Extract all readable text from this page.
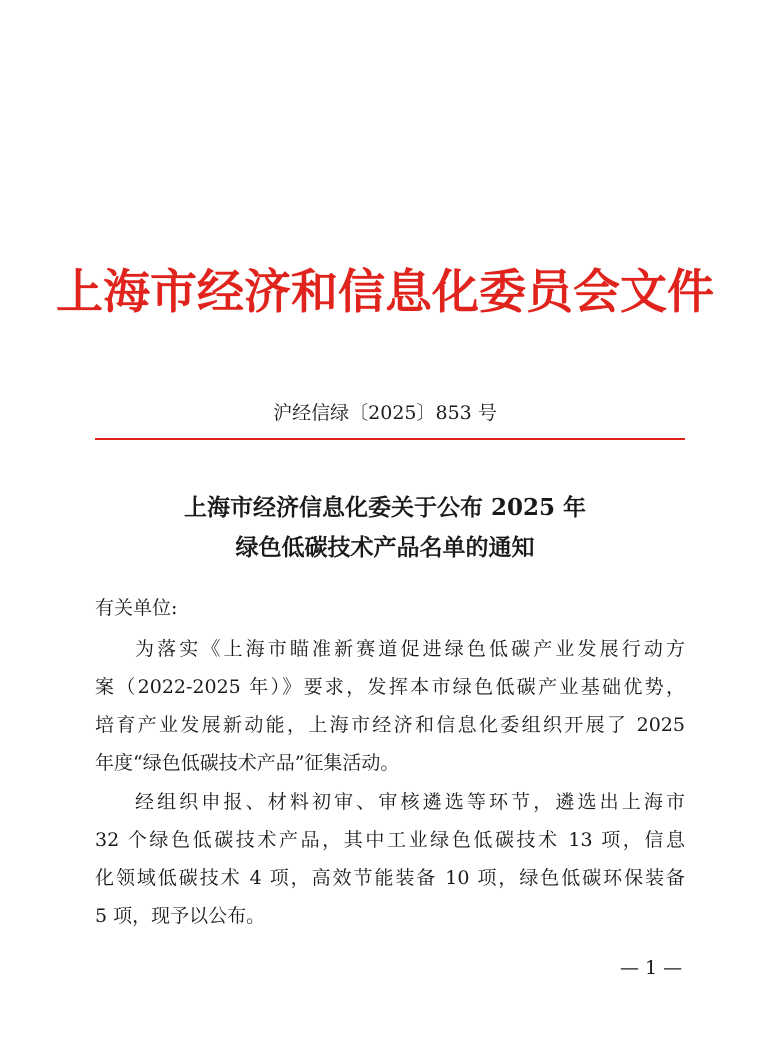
上海市经济和信息化委员会文件
沪经信绿〔2025〕853 号
上海市经济信息化委关于公布 2025 年
绿色低碳技术产品名单的通知
有关单位:
为落实《上海市瞄准新赛道促进绿色低碳产业发展行动方
案（2022-2025 年）》要求，发挥本市绿色低碳产业基础优势，
培育产业发展新动能，上海市经济和信息化委组织开展了 2025
年度“绿色低碳技术产品”征集活动。
经组织申报、材料初审、审核遴选等环节，遴选出上海市
32 个绿色低碳技术产品，其中工业绿色低碳技术 13 项，信息
化领域低碳技术 4 项，高效节能装备 10 项，绿色低碳环保装备
5 项，现予以公布。
— 1 —
